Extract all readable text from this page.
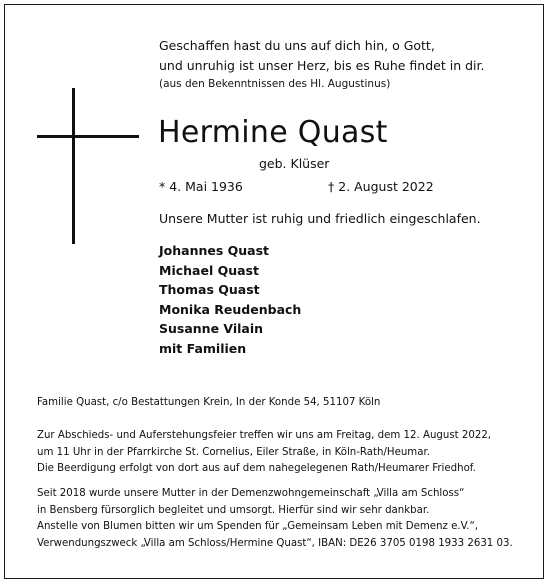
Geschaffen hast du uns auf dich hin, o Gott,
und unruhig ist unser Herz, bis es Ruhe findet in dir.
(aus den Bekenntnissen des Hl. Augustinus)
Hermine Quast
geb. Klüser
* 4. Mai 1936	† 2. August 2022
Unsere Mutter ist ruhig und friedlich eingeschlafen.
Johannes Quast
Michael Quast
Thomas Quast
Monika Reudenbach
Susanne Vilain
mit Familien
Familie Quast, c/o Bestattungen Krein, In der Konde 54, 51107 Köln
Zur Abschieds- und Auferstehungsfeier treffen wir uns am Freitag, dem 12. August 2022,
um 11 Uhr in der Pfarrkirche St. Cornelius, Eiler Straße, in Köln-Rath/Heumar.
Die Beerdigung erfolgt von dort aus auf dem nahegelegenen Rath/Heumarer Friedhof.
Seit 2018 wurde unsere Mutter in der Demenzwohngemeinschaft „Villa am Schloss“
in Bensberg fürsorglich begleitet und umsorgt. Hierfür sind wir sehr dankbar.
Anstelle von Blumen bitten wir um Spenden für „Gemeinsam Leben mit Demenz e.V.“,
Verwendungszweck „Villa am Schloss/Hermine Quast“, IBAN: DE26 3705 0198 1933 2631 03.
